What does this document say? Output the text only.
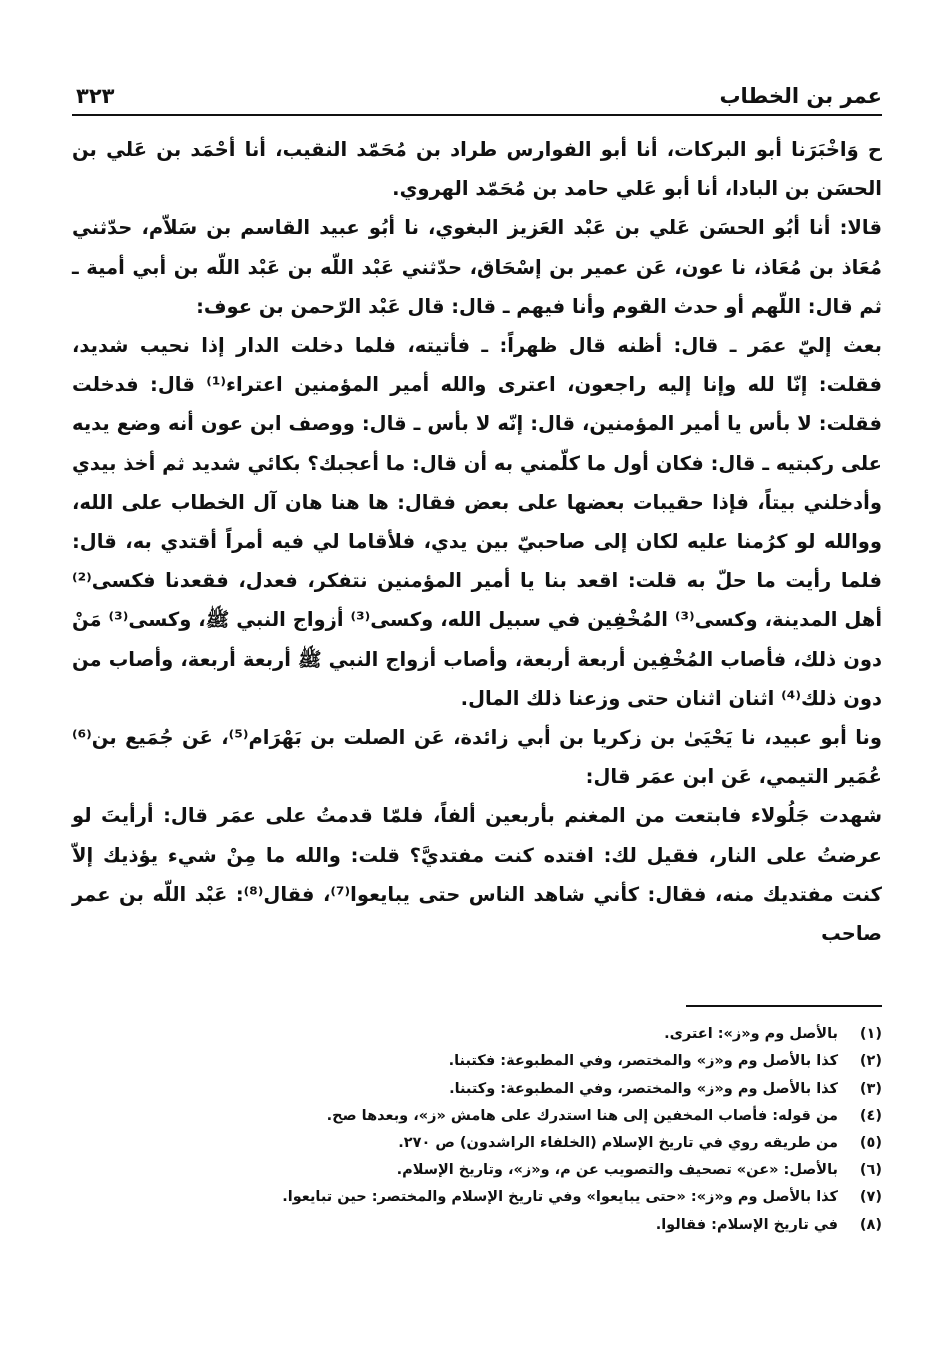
عمر بن الخطاب
٣٢٣

ح وَاخْبَرَنا أبو البركات، أنا أبو الفوارس طراد بن مُحَمّد النقيب، أنا أحْمَد بن عَلي بن الحسَن بن البادا، أنا أبو عَلي حامد بن مُحَمّد الهروي.

قالا: أنا أبُو الحسَن عَلي بن عَبْد العَزيز البغوي، نا أبُو عبيد القاسم بن سَلاّم، حدّثني مُعَاذ بن مُعَاذ، نا عون، عَن عمير بن إسْحَاق، حدّثني عَبْد اللّه بن عَبْد اللّه بن أبي أمية ـ ثم قال: اللّهم أو حدث القوم وأنا فيهم ـ قال: قال عَبْد الرّحمن بن عوف:

بعث إليّ عمَر ـ قال: أظنه قال ظهراً: ـ فأتيته، فلما دخلت الدار إذا نحيب شديد، فقلت: إنّا لله وإنا إليه راجعون، اعترى والله أمير المؤمنين اعتراء⁽¹⁾ قال: فدخلت فقلت: لا بأس يا أمير المؤمنين، قال: إنّه لا بأس ـ قال: ووصف ابن عون أنه وضع يديه على ركبتيه ـ قال: فكان أول ما كلّمني به أن قال: ما أعجبك؟ بكائي شديد ثم أخذ بيدي وأدخلني بيتاً، فإذا حقيبات بعضها على بعض فقال: ها هنا هان آل الخطاب على الله، ووالله لو كرُمنا عليه لكان إلى صاحبيّ بين يدي، فلأقاما لي فيه أمراً أقتدي به، قال: فلما رأيت ما حلّ به قلت: اقعد بنا يا أمير المؤمنين نتفكر، فعدل، فقعدنا فكسى⁽²⁾ أهل المدينة، وكسى⁽³⁾ المُخْفِين في سبيل الله، وكسى⁽³⁾ أزواج النبي ﷺ، وكسى⁽³⁾ مَنْ دون ذلك، فأصاب المُخْفِين أربعة أربعة، وأصاب أزواج النبي ﷺ أربعة أربعة، وأصاب من دون ذلك⁽⁴⁾ اثنان اثنان حتى وزعنا ذلك المال.

ونا أبو عبيد، نا يَحْيَىٰ بن زكريا بن أبي زائدة، عَن الصلت بن بَهْرَام⁽⁵⁾، عَن جُمَيع بن⁽⁶⁾ عُمَير التيمي، عَن ابن عمَر قال:

شهدت جَلُولاء فابتعت من المغنم بأربعين ألفاً، فلمّا قدمتُ على عمَر قال: أرأيتَ لو عرضتُ على النار، فقيل لك: افتده كنت مفتديَّ؟ قلت: والله ما مِنْ شيء يؤذيك إلاّ كنت مفتديك منه، فقال: كأني شاهد الناس حتى يبايعوا⁽⁷⁾، فقال⁽⁸⁾: عَبْد اللّه بن عمر صاحب

(١)
بالأصل وم و«ز»: اعترى.
(٢)
كذا بالأصل وم و«ز» والمختصر، وفي المطبوعة: فكتبنا.
(٣)
كذا بالأصل وم و«ز» والمختصر، وفي المطبوعة: وكتبنا.
(٤)
من قوله: فأصاب المخفين إلى هنا استدرك على هامش «ز»، وبعدها صح.
(٥)
من طريقه روي في تاريخ الإسلام (الخلفاء الراشدون) ص ٢٧٠.
(٦)
بالأصل: «عن» تصحيف والتصويب عن م، و«ز»، وتاريخ الإسلام.
(٧)
كذا بالأصل وم و«ز»: «حتى يبايعوا» وفي تاريخ الإسلام والمختصر: حين تبايعوا.
(٨)
في تاريخ الإسلام: فقالوا.
